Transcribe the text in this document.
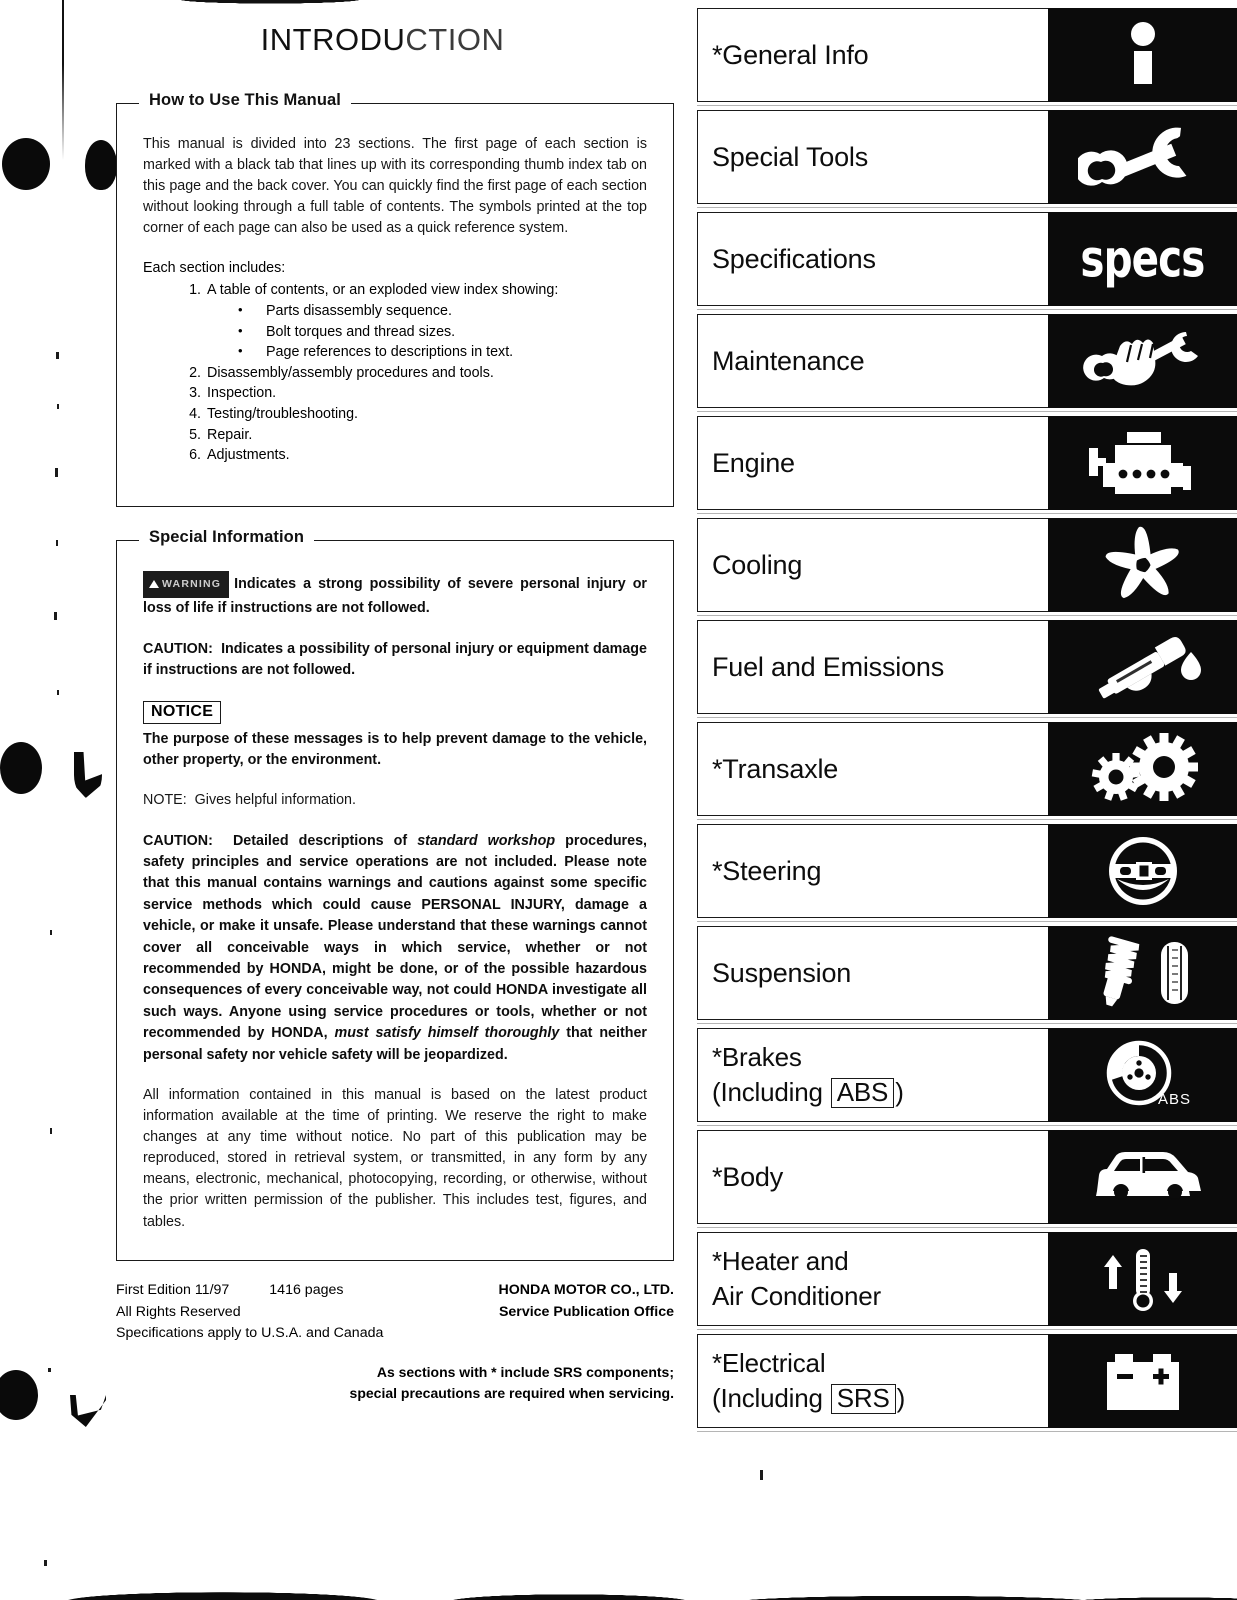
INTRODUCTION
How to Use This Manual
This manual is divided into 23 sections. The first page of each section is marked with a black tab that lines up with its corresponding thumb index tab on this page and the back cover. You can quickly find the first page of each section without looking through a full table of contents. The symbols printed at the top corner of each page can also be used as a quick reference system.
Each section includes:
1. A table of contents, or an exploded view index showing:
• Parts disassembly sequence.
• Bolt torques and thread sizes.
• Page references to descriptions in text.
2. Disassembly/assembly procedures and tools.
3. Inspection.
4. Testing/troubleshooting.
5. Repair.
6. Adjustments.
Special Information
WARNING Indicates a strong possibility of severe personal injury or loss of life if instructions are not followed.
CAUTION: Indicates a possibility of personal injury or equipment damage if instructions are not followed.
NOTICE
The purpose of these messages is to help prevent damage to the vehicle, other property, or the environment.
NOTE: Gives helpful information.
CAUTION: Detailed descriptions of standard workshop procedures, safety principles and service operations are not included. Please note that this manual contains warnings and cautions against some specific service methods which could cause PERSONAL INJURY, damage a vehicle, or make it unsafe. Please understand that these warnings cannot cover all conceivable ways in which service, whether or not recommended by HONDA, might be done, or of the possible hazardous consequences of every conceivable way, not could HONDA investigate all such ways. Anyone using service procedures or tools, whether or not recommended by HONDA, must satisfy himself thoroughly that neither personal safety nor vehicle safety will be jeopardized.
All information contained in this manual is based on the latest product information available at the time of printing. We reserve the right to make changes at any time without notice. No part of this publication may be reproduced, stored in retrieval system, or transmitted, in any form by any means, electronic, mechanical, photocopying, recording, or otherwise, without the prior written permission of the publisher. This includes test, figures, and tables.
First Edition 11/97	1416 pages	HONDA MOTOR CO., LTD.
All Rights Reserved	Service Publication Office
Specifications apply to U.S.A. and Canada
As sections with * include SRS components;
special precautions are required when servicing.
*General Info
Special Tools
Specifications	specs
Maintenance
Engine
Cooling
Fuel and Emissions
*Transaxle
*Steering
Suspension
*Brakes
(Including ABS )	ABS
*Body
*Heater and
Air Conditioner
*Electrical
(Including SRS )
